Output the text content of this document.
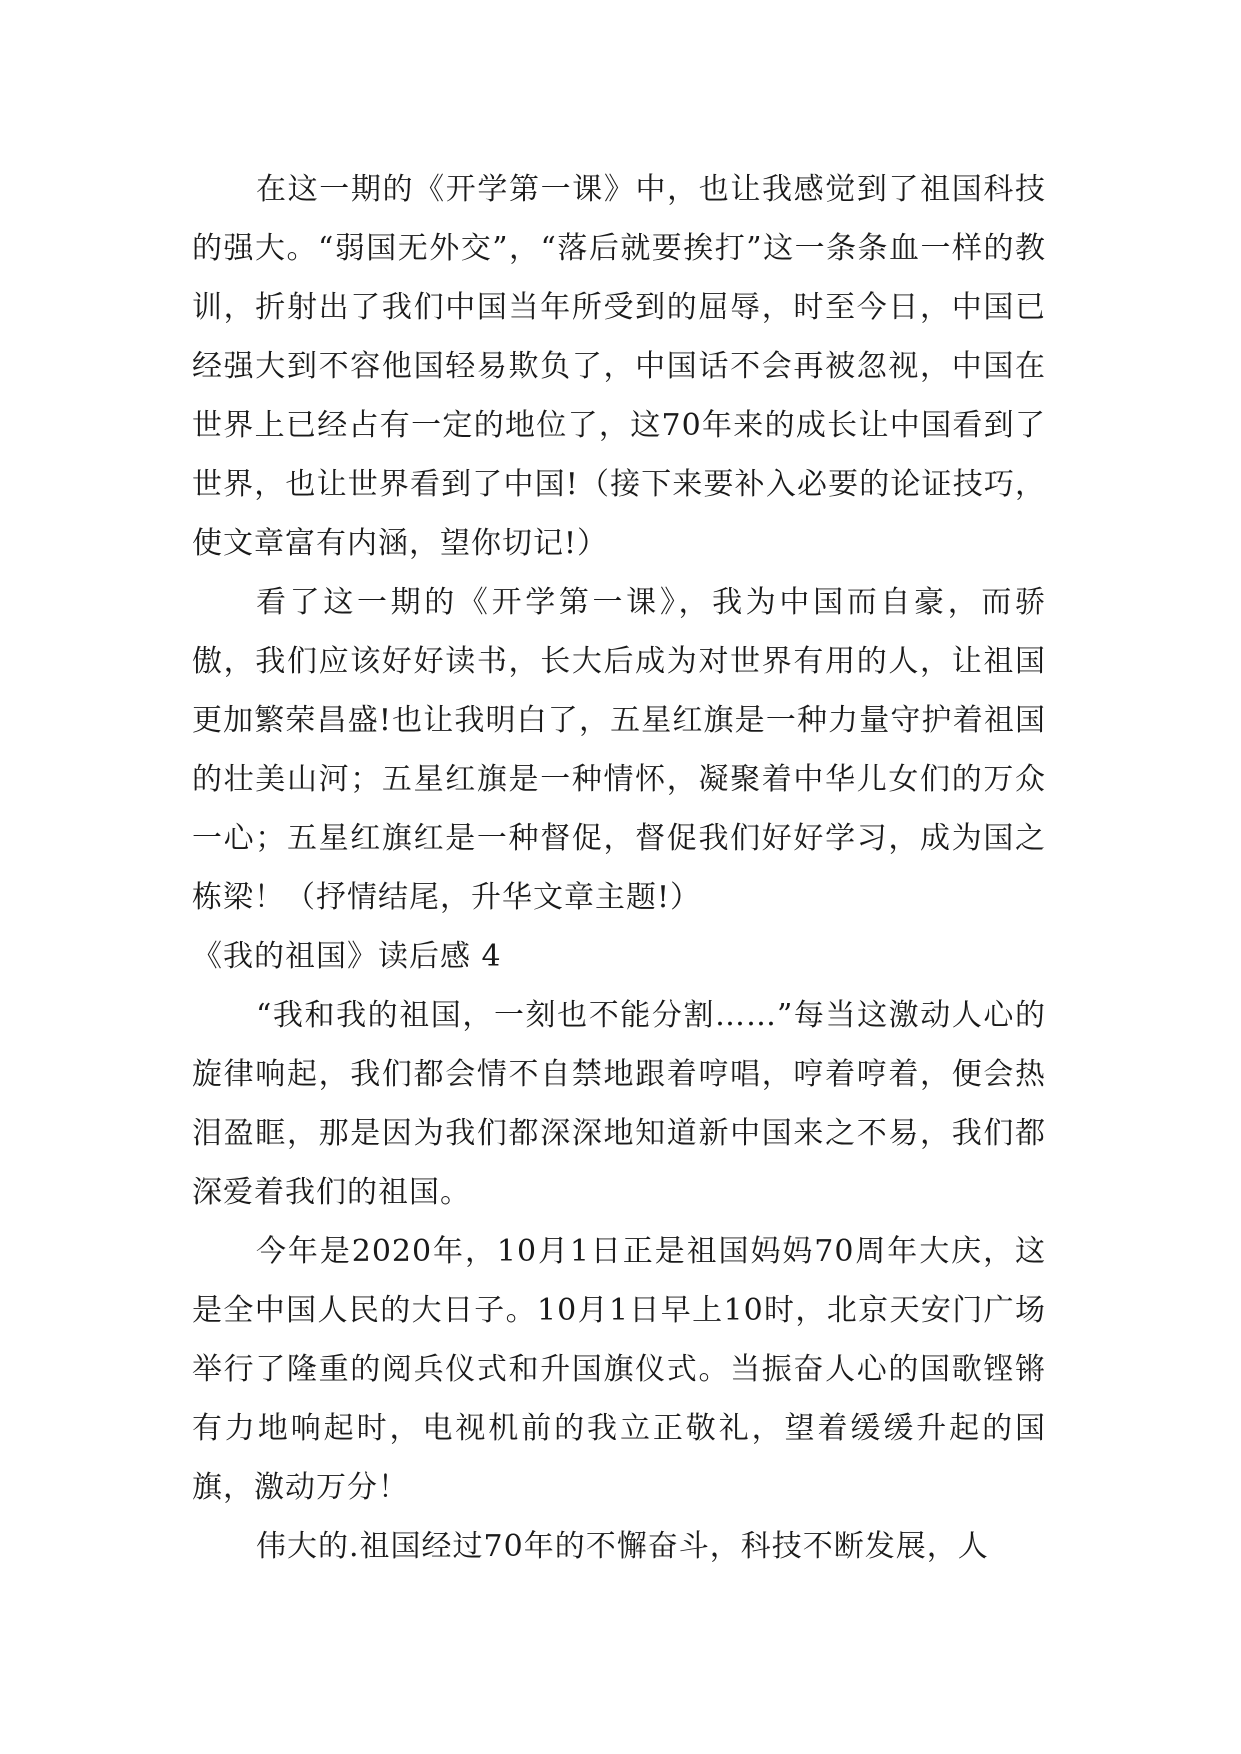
在这一期的《开学第一课》中，也让我感觉到了祖国科技的强大。“弱国无外交”，“落后就要挨打”这一条条血一样的教训，折射出了我们中国当年所受到的屈辱，时至今日，中国已经强大到不容他国轻易欺负了，中国话不会再被忽视，中国在世界上已经占有一定的地位了，这70年来的成长让中国看到了世界，也让世界看到了中国!（接下来要补入必要的论证技巧，使文章富有内涵，望你切记!）

看了这一期的《开学第一课》，我为中国而自豪，而骄傲，我们应该好好读书，长大后成为对世界有用的人，让祖国更加繁荣昌盛!也让我明白了，五星红旗是一种力量守护着祖国的壮美山河；五星红旗是一种情怀，凝聚着中华儿女们的万众一心；五星红旗红是一种督促，督促我们好好学习，成为国之栋梁！（抒情结尾，升华文章主题!）

《我的祖国》读后感 4

“我和我的祖国，一刻也不能分割……”每当这激动人心的旋律响起，我们都会情不自禁地跟着哼唱，哼着哼着，便会热泪盈眶，那是因为我们都深深地知道新中国来之不易，我们都深爱着我们的祖国。

今年是2020年，10月1日正是祖国妈妈70周年大庆，这是全中国人民的大日子。10月1日早上10时，北京天安门广场举行了隆重的阅兵仪式和升国旗仪式。当振奋人心的国歌铿锵有力地响起时，电视机前的我立正敬礼，望着缓缓升起的国旗，激动万分！

伟大的.祖国经过70年的不懈奋斗，科技不断发展，人
